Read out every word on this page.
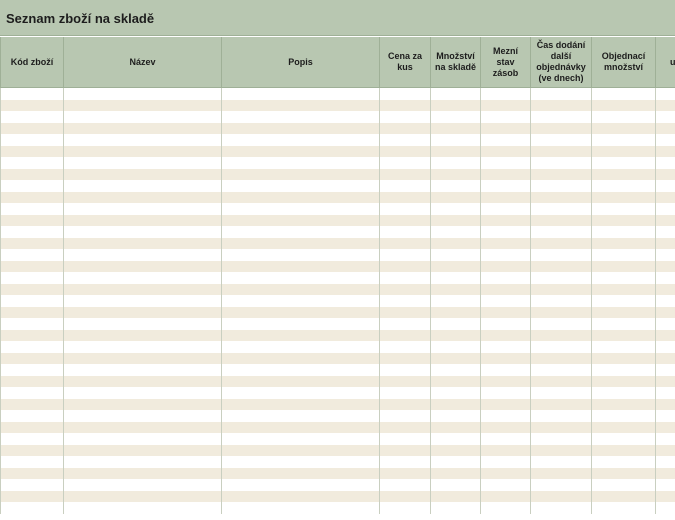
Seznam zboží na skladě
Kód zboží	Název	Popis	Cena za kus	Množství na skladě	Mezní stav zásob	Čas dodání další objednávky (ve dnech)	Objednací množství	u
